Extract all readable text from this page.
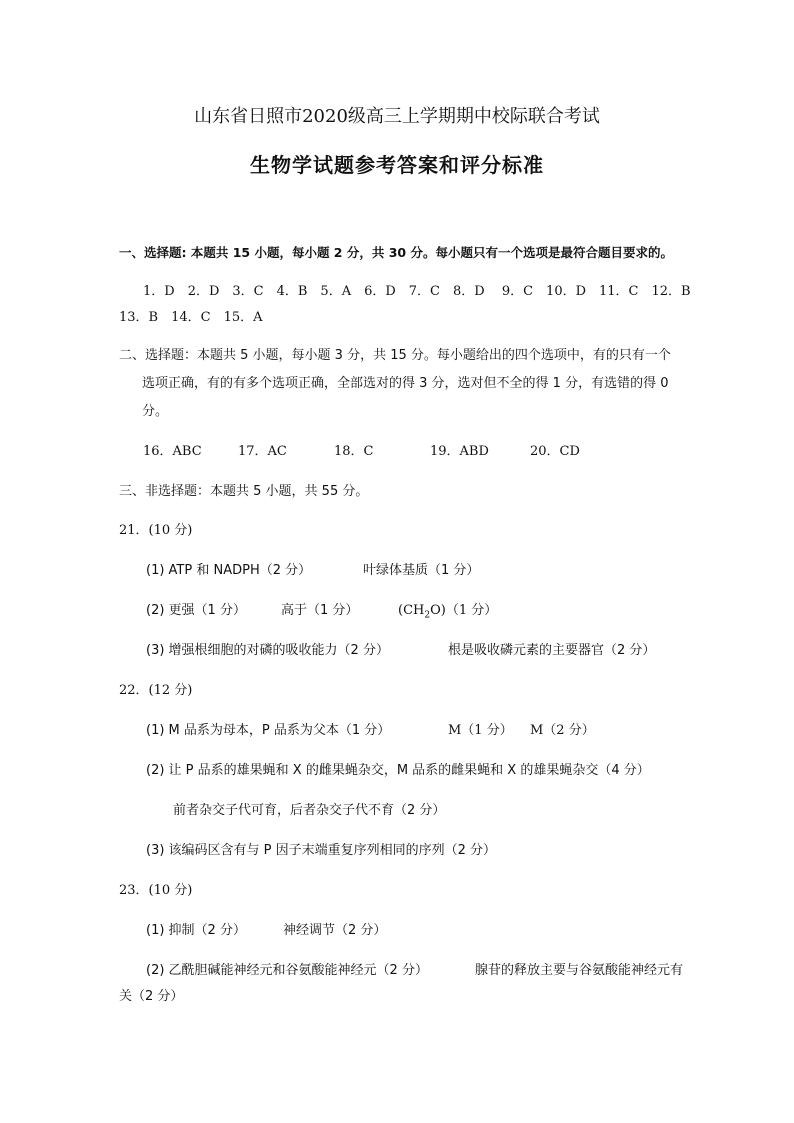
山东省日照市2020级高三上学期期中校际联合考试
生物学试题参考答案和评分标准
一、选择题: 本题共 15 小题，每小题 2 分，共 30 分。每小题只有一个选项是最符合题目要求的。
1．D　2．D　3．C　4．B　5．A　6．D　7．C　8．D　 9．C　10．D　11．C　12．B
13．B　14．C　15．A
二、选择题：本题共 5 小题，每小题 3 分，共 15 分。每小题给出的四个选项中，有的只有一个
选项正确，有的有多个选项正确，全部选对的得 3 分，选对但不全的得 1 分，有选错的得 0
分。
16．ABC	17．AC	18．C	19．ABD	20．CD
三、非选择题：本题共 5 小题，共 55 分。
21．(10 分)
(1) ATP 和 NADPH（2 分）	叶绿体基质（1 分）
(2) 更强（1 分）	高于（1 分）	$(CH_2O)(1$ 分）
(3) 增强根细胞的对磷的吸收能力（2 分）	根是吸收磷元素的主要器官（2 分）
22．(12 分)
(1) M 品系为母本，P 品系为父本（1 分）	M（1 分） M（2 分）
(2) 让 P 品系的雄果蝇和 X 的雌果蝇杂交，M 品系的雌果蝇和 X 的雄果蝇杂交（4 分）
前者杂交子代可育，后者杂交子代不育（2 分）
(3) 该编码区含有与 P 因子末端重复序列相同的序列（2 分）
23．(10 分)
(1) 抑制（2 分）	神经调节（2 分）
(2) 乙酰胆碱能神经元和谷氨酸能神经元（2 分）	腺苷的释放主要与谷氨酸能神经元有
关（2 分）
